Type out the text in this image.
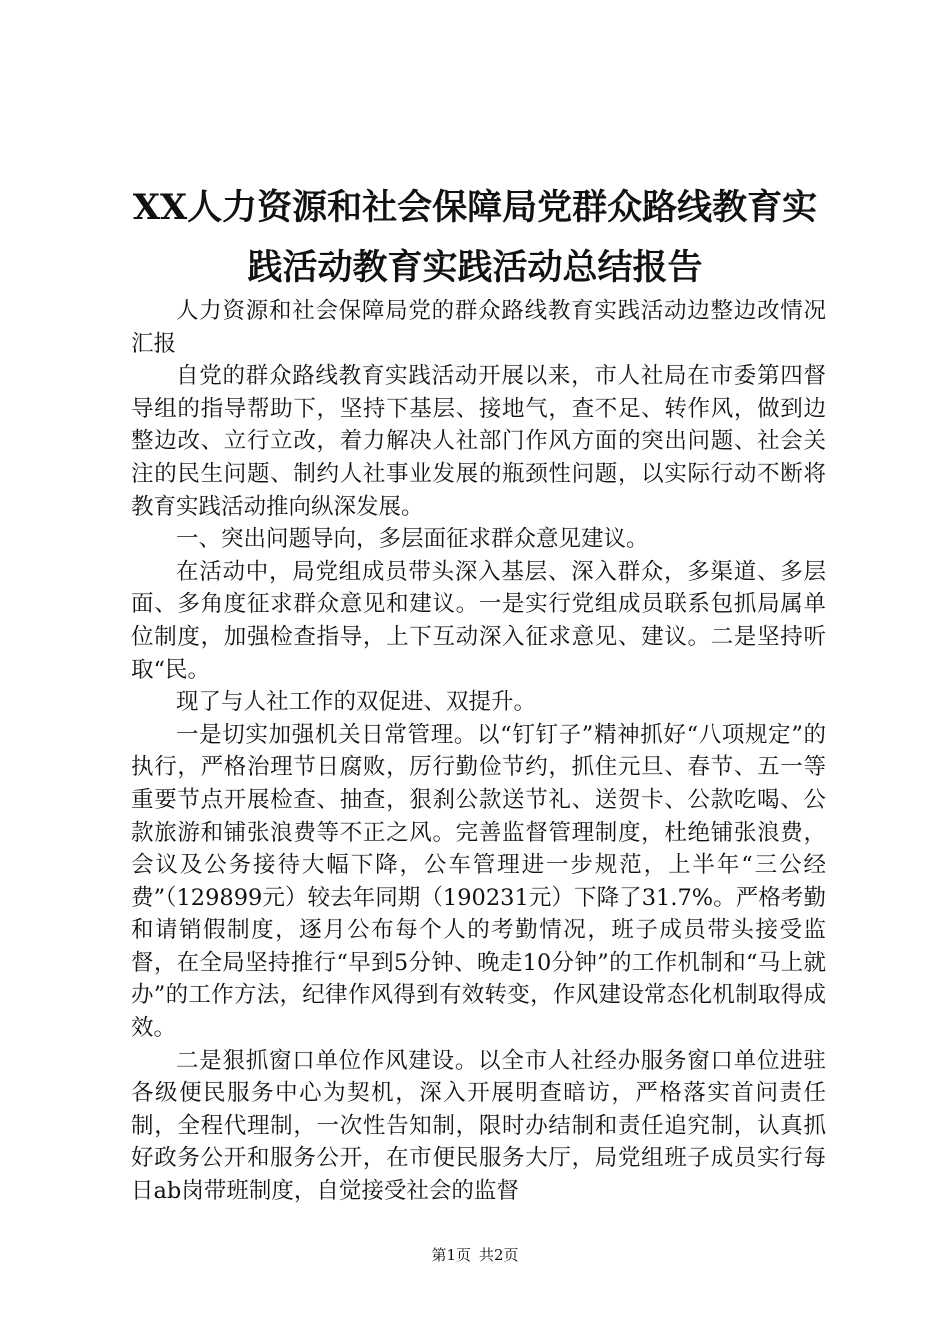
XX人力资源和社会保障局党群众路线教育实
践活动教育实践活动总结报告

人力资源和社会保障局党的群众路线教育实践活动边整边改情况汇报

自党的群众路线教育实践活动开展以来，市人社局在市委第四督导组的指导帮助下，坚持下基层、接地气，查不足、转作风，做到边整边改、立行立改，着力解决人社部门作风方面的突出问题、社会关注的民生问题、制约人社事业发展的瓶颈性问题，以实际行动不断将教育实践活动推向纵深发展。

一、突出问题导向，多层面征求群众意见建议。

在活动中，局党组成员带头深入基层、深入群众，多渠道、多层面、多角度征求群众意见和建议。一是实行党组成员联系包抓局属单位制度，加强检查指导，上下互动深入征求意见、建议。二是坚持听取“民。

现了与人社工作的双促进、双提升。

一是切实加强机关日常管理。以“钉钉子”精神抓好“八项规定”的执行，严格治理节日腐败，厉行勤俭节约，抓住元旦、春节、五一等重要节点开展检查、抽查，狠刹公款送节礼、送贺卡、公款吃喝、公款旅游和铺张浪费等不正之风。完善监督管理制度，杜绝铺张浪费，会议及公务接待大幅下降，公车管理进一步规范，上半年“三公经费”（129899元）较去年同期（190231元）下降了31.7%。严格考勤和请销假制度，逐月公布每个人的考勤情况，班子成员带头接受监督，在全局坚持推行“早到5分钟、晚走10分钟”的工作机制和“马上就办”的工作方法，纪律作风得到有效转变，作风建设常态化机制取得成效。

二是狠抓窗口单位作风建设。以全市人社经办服务窗口单位进驻各级便民服务中心为契机，深入开展明查暗访，严格落实首问责任制，全程代理制，一次性告知制，限时办结制和责任追究制，认真抓好政务公开和服务公开，在市便民服务大厅，局党组班子成员实行每日ab岗带班制度，自觉接受社会的监督

第1页 共2页
